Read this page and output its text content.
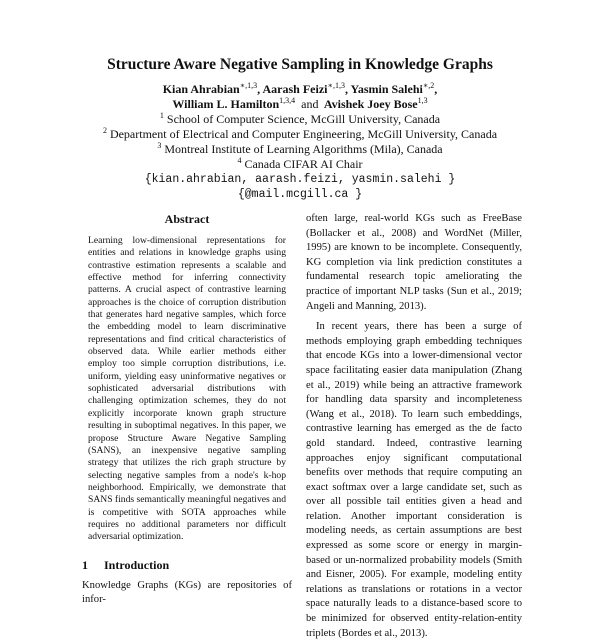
Structure Aware Negative Sampling in Knowledge Graphs
Kian Ahrabian$^{∗,1,3}$, Aarash Feizi$^{∗,1,3}$, Yasmin Salehi$^{∗,2}$,
William L. Hamilton$^{1,3,4}$ and Avishek Joey Bose$^{1,3}$
$^1$ School of Computer Science, McGill University, Canada
$^2$ Department of Electrical and Computer Engineering, McGill University, Canada
$^3$ Montreal Institute of Learning Algorithms (Mila), Canada
$^4$ Canada CIFAR AI Chair
{kian.ahrabian, aarash.feizi, yasmin.salehi }
{@mail.mcgill.ca }
Abstract
Learning low-dimensional representations for entities and relations in knowledge graphs using contrastive estimation represents a scalable and effective method for inferring connectivity patterns. A crucial aspect of contrastive learning approaches is the choice of corruption distribution that generates hard negative samples, which force the embedding model to learn discriminative representations and find critical characteristics of observed data. While earlier methods either employ too simple corruption distributions, i.e. uniform, yielding easy uninformative negatives or sophisticated adversarial distributions with challenging optimization schemes, they do not explicitly incorporate known graph structure resulting in suboptimal negatives. In this paper, we propose Structure Aware Negative Sampling (SANS), an inexpensive negative sampling strategy that utilizes the rich graph structure by selecting negative samples from a node's k-hop neighborhood. Empirically, we demonstrate that SANS finds semantically meaningful negatives and is competitive with SOTA approaches while requires no additional parameters nor difficult adversarial optimization.
1 Introduction
Knowledge Graphs (KGs) are repositories of infor-

often large, real-world KGs such as FreeBase (Bollacker et al., 2008) and WordNet (Miller, 1995) are known to be incomplete. Consequently, KG completion via link prediction constitutes a fundamental research topic ameliorating the practice of important NLP tasks (Sun et al., 2019; Angeli and Manning, 2013).

In recent years, there has been a surge of methods employing graph embedding techniques that encode KGs into a lower-dimensional vector space facilitating easier data manipulation (Zhang et al., 2019) while being an attractive framework for handling data sparsity and incompleteness (Wang et al., 2018). To learn such embeddings, contrastive learning has emerged as the de facto gold standard. Indeed, contrastive learning approaches enjoy significant computational benefits over methods that require computing an exact softmax over a large candidate set, such as over all possible tail entities given a head and relation. Another important consideration is modeling needs, as certain assumptions are best expressed as some score or energy in margin-based or un-normalized probability models (Smith and Eisner, 2005). For example, modeling entity relations as translations or rotations in a vector space naturally leads to a distance-based score to be minimized for observed entity-relation-entity triplets (Bordes et al., 2013).
